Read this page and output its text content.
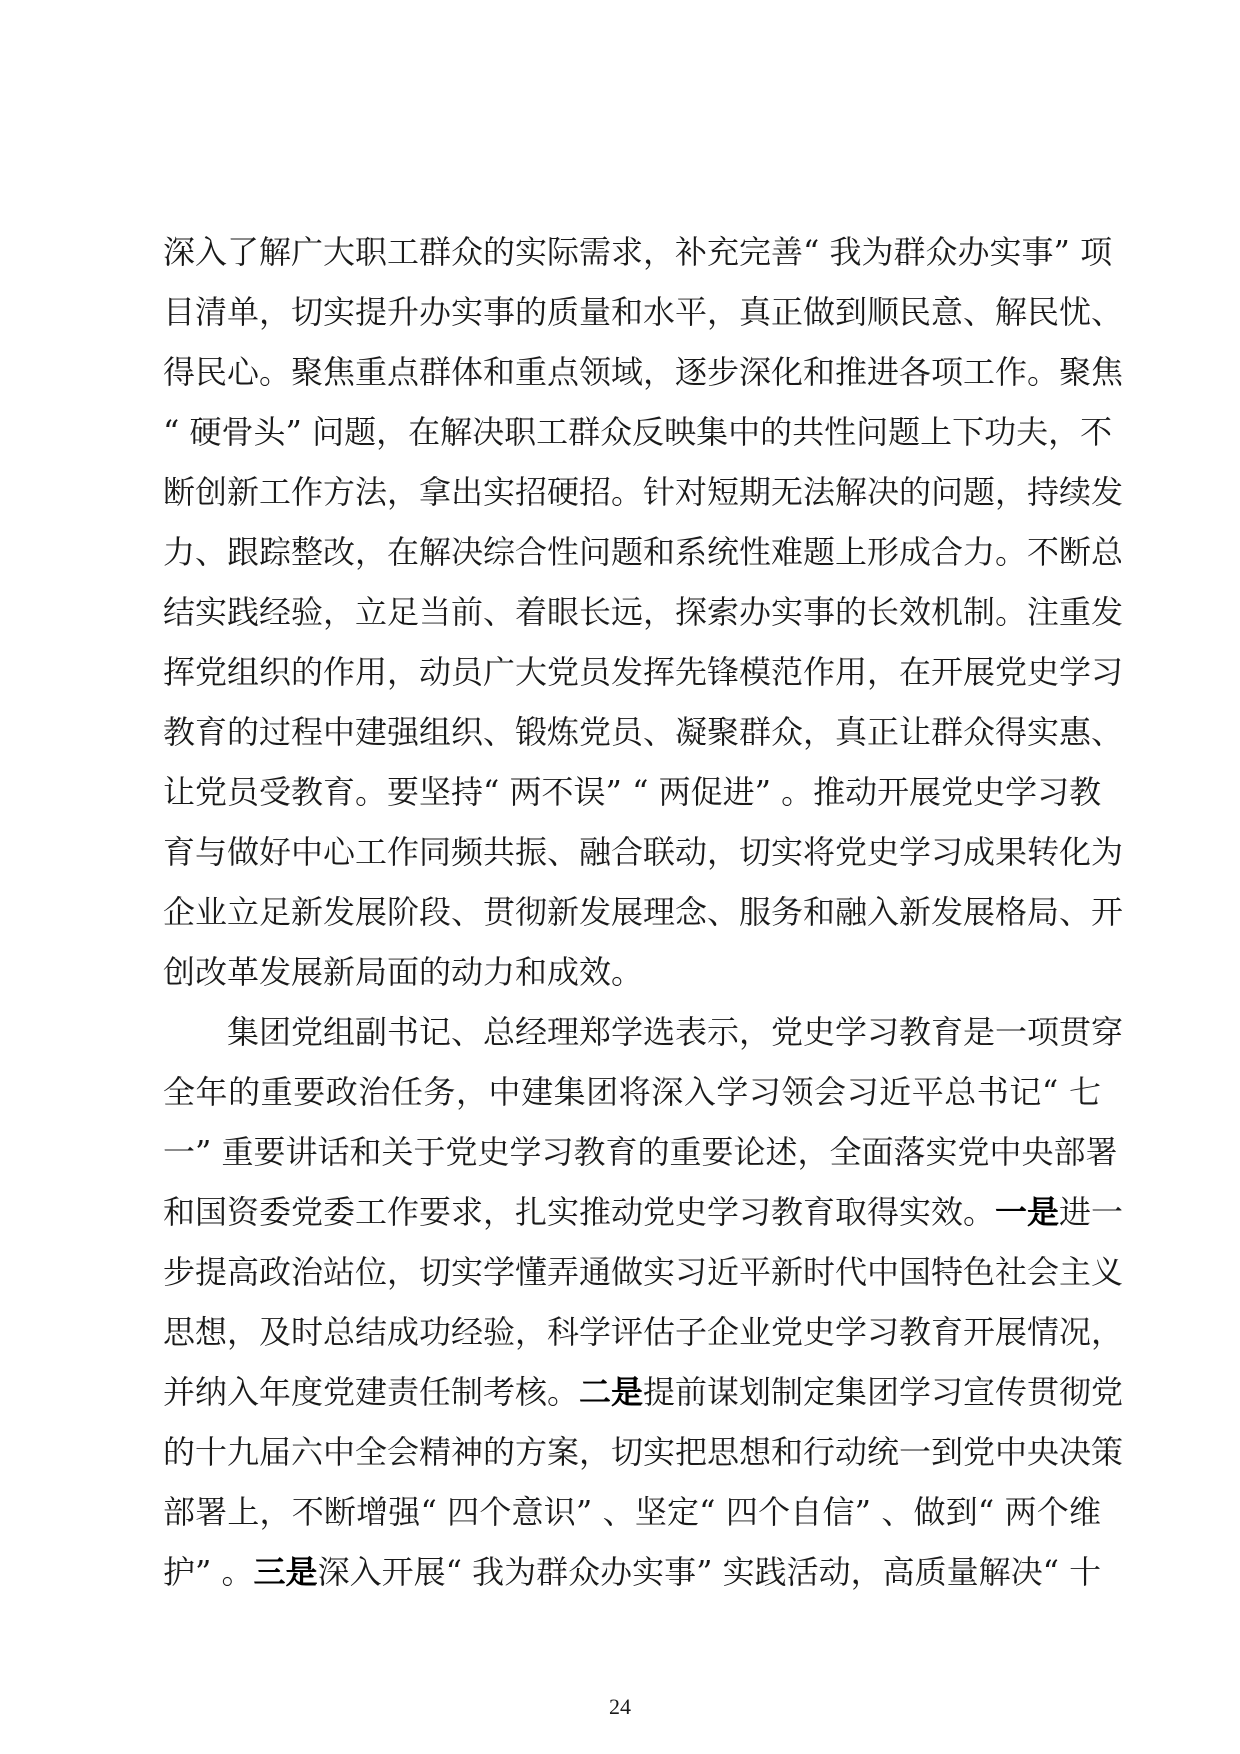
深入了解广大职工群众的实际需求，补充完善“ 我为群众办实事” 项
目清单，切实提升办实事的质量和水平，真正做到顺民意、解民忧、
得民心。聚焦重点群体和重点领域，逐步深化和推进各项工作。聚焦
“ 硬骨头” 问题，在解决职工群众反映集中的共性问题上下功夫，不
断创新工作方法，拿出实招硬招。针对短期无法解决的问题，持续发
力、跟踪整改，在解决综合性问题和系统性难题上形成合力。不断总
结实践经验，立足当前、着眼长远，探索办实事的长效机制。注重发
挥党组织的作用，动员广大党员发挥先锋模范作用，在开展党史学习
教育的过程中建强组织、锻炼党员、凝聚群众，真正让群众得实惠、
让党员受教育。要坚持“ 两不误” “ 两促进” 。推动开展党史学习教
育与做好中心工作同频共振、融合联动，切实将党史学习成果转化为
企业立足新发展阶段、贯彻新发展理念、服务和融入新发展格局、开
创改革发展新局面的动力和成效。
集团党组副书记、总经理郑学选表示，党史学习教育是一项贯穿
全年的重要政治任务，中建集团将深入学习领会习近平总书记“ 七
一” 重要讲话和关于党史学习教育的重要论述，全面落实党中央部署
和国资委党委工作要求，扎实推动党史学习教育取得实效。一是进一
步提高政治站位，切实学懂弄通做实习近平新时代中国特色社会主义
思想，及时总结成功经验，科学评估子企业党史学习教育开展情况，
并纳入年度党建责任制考核。二是提前谋划制定集团学习宣传贯彻党
的十九届六中全会精神的方案，切实把思想和行动统一到党中央决策
部署上，不断增强“ 四个意识” 、坚定“ 四个自信” 、做到“ 两个维
护” 。三是深入开展“ 我为群众办实事” 实践活动，高质量解决“ 十
24
